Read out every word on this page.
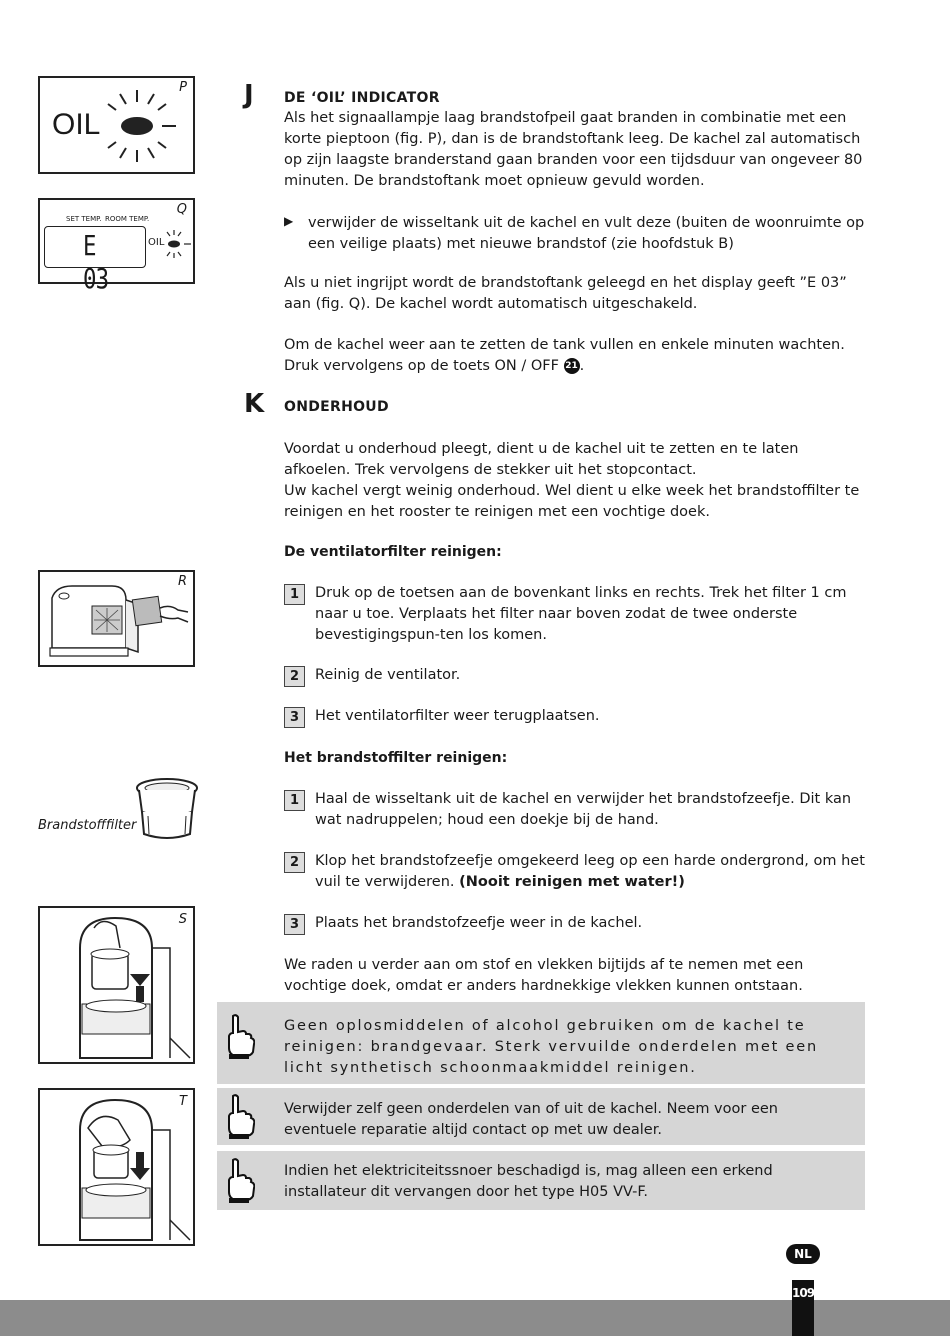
P
OIL
Q
SET TEMP. ROOM TEMP.
E 03
OIL
R
Brandstofffilter
S
T
J DE ‘OIL’ INDICATOR
Als het signaallampje laag brandstofpeil gaat branden in combinatie met een korte pieptoon (fig. P), dan is de brandstoftank leeg. De kachel zal automatisch op zijn laagste branderstand gaan branden voor een tijdsduur van ongeveer 80 minuten. De brandstoftank moet opnieuw gevuld worden.
▶ verwijder de wisseltank uit de kachel en vult deze (buiten de woonruimte op een veilige plaats) met nieuwe brandstof (zie hoofdstuk B)
Als u niet ingrijpt wordt de brandstoftank geleegd en het display geeft ”E 03” aan (fig. Q). De kachel wordt automatisch uitgeschakeld.
Om de kachel weer aan te zetten de tank vullen en enkele minuten wachten.
Druk vervolgens op de toets ON / OFF 21 .
K ONDERHOUD
Voordat u onderhoud pleegt, dient u de kachel uit te zetten en te laten afkoelen. Trek vervolgens de stekker uit het stopcontact.
Uw kachel vergt weinig onderhoud. Wel dient u elke week het brandstoffilter te reinigen en het rooster te reinigen met een vochtige doek.
De ventilatorfilter reinigen:
1	Druk op de toetsen aan de bovenkant links en rechts. Trek het filter 1 cm naar u toe. Verplaats het filter naar boven zodat de twee onderste bevestigingspun-ten los komen.
2	Reinig de ventilator.
3	Het ventilatorfilter weer terugplaatsen.
Het brandstoffilter reinigen:
1	Haal de wisseltank uit de kachel en verwijder het brandstofzeefje. Dit kan wat nadruppelen; houd een doekje bij de hand.
2	Klop het brandstofzeefje omgekeerd leeg op een harde ondergrond, om het vuil te verwijderen. (Nooit reinigen met water!)
3	Plaats het brandstofzeefje weer in de kachel.
We raden u verder aan om stof en vlekken bijtijds af te nemen met een vochtige doek, omdat er anders hardnekkige vlekken kunnen ontstaan.
Geen oplosmiddelen of alcohol gebruiken om de kachel te reinigen: brandgevaar. Sterk vervuilde onderdelen met een licht synthetisch schoonmaakmiddel reinigen.
Verwijder zelf geen onderdelen van of uit de kachel. Neem voor een eventuele reparatie altijd contact op met uw dealer.
Indien het elektriciteitssnoer beschadigd is, mag alleen een erkend installateur dit vervangen door het type H05 VV-F.
NL
109
